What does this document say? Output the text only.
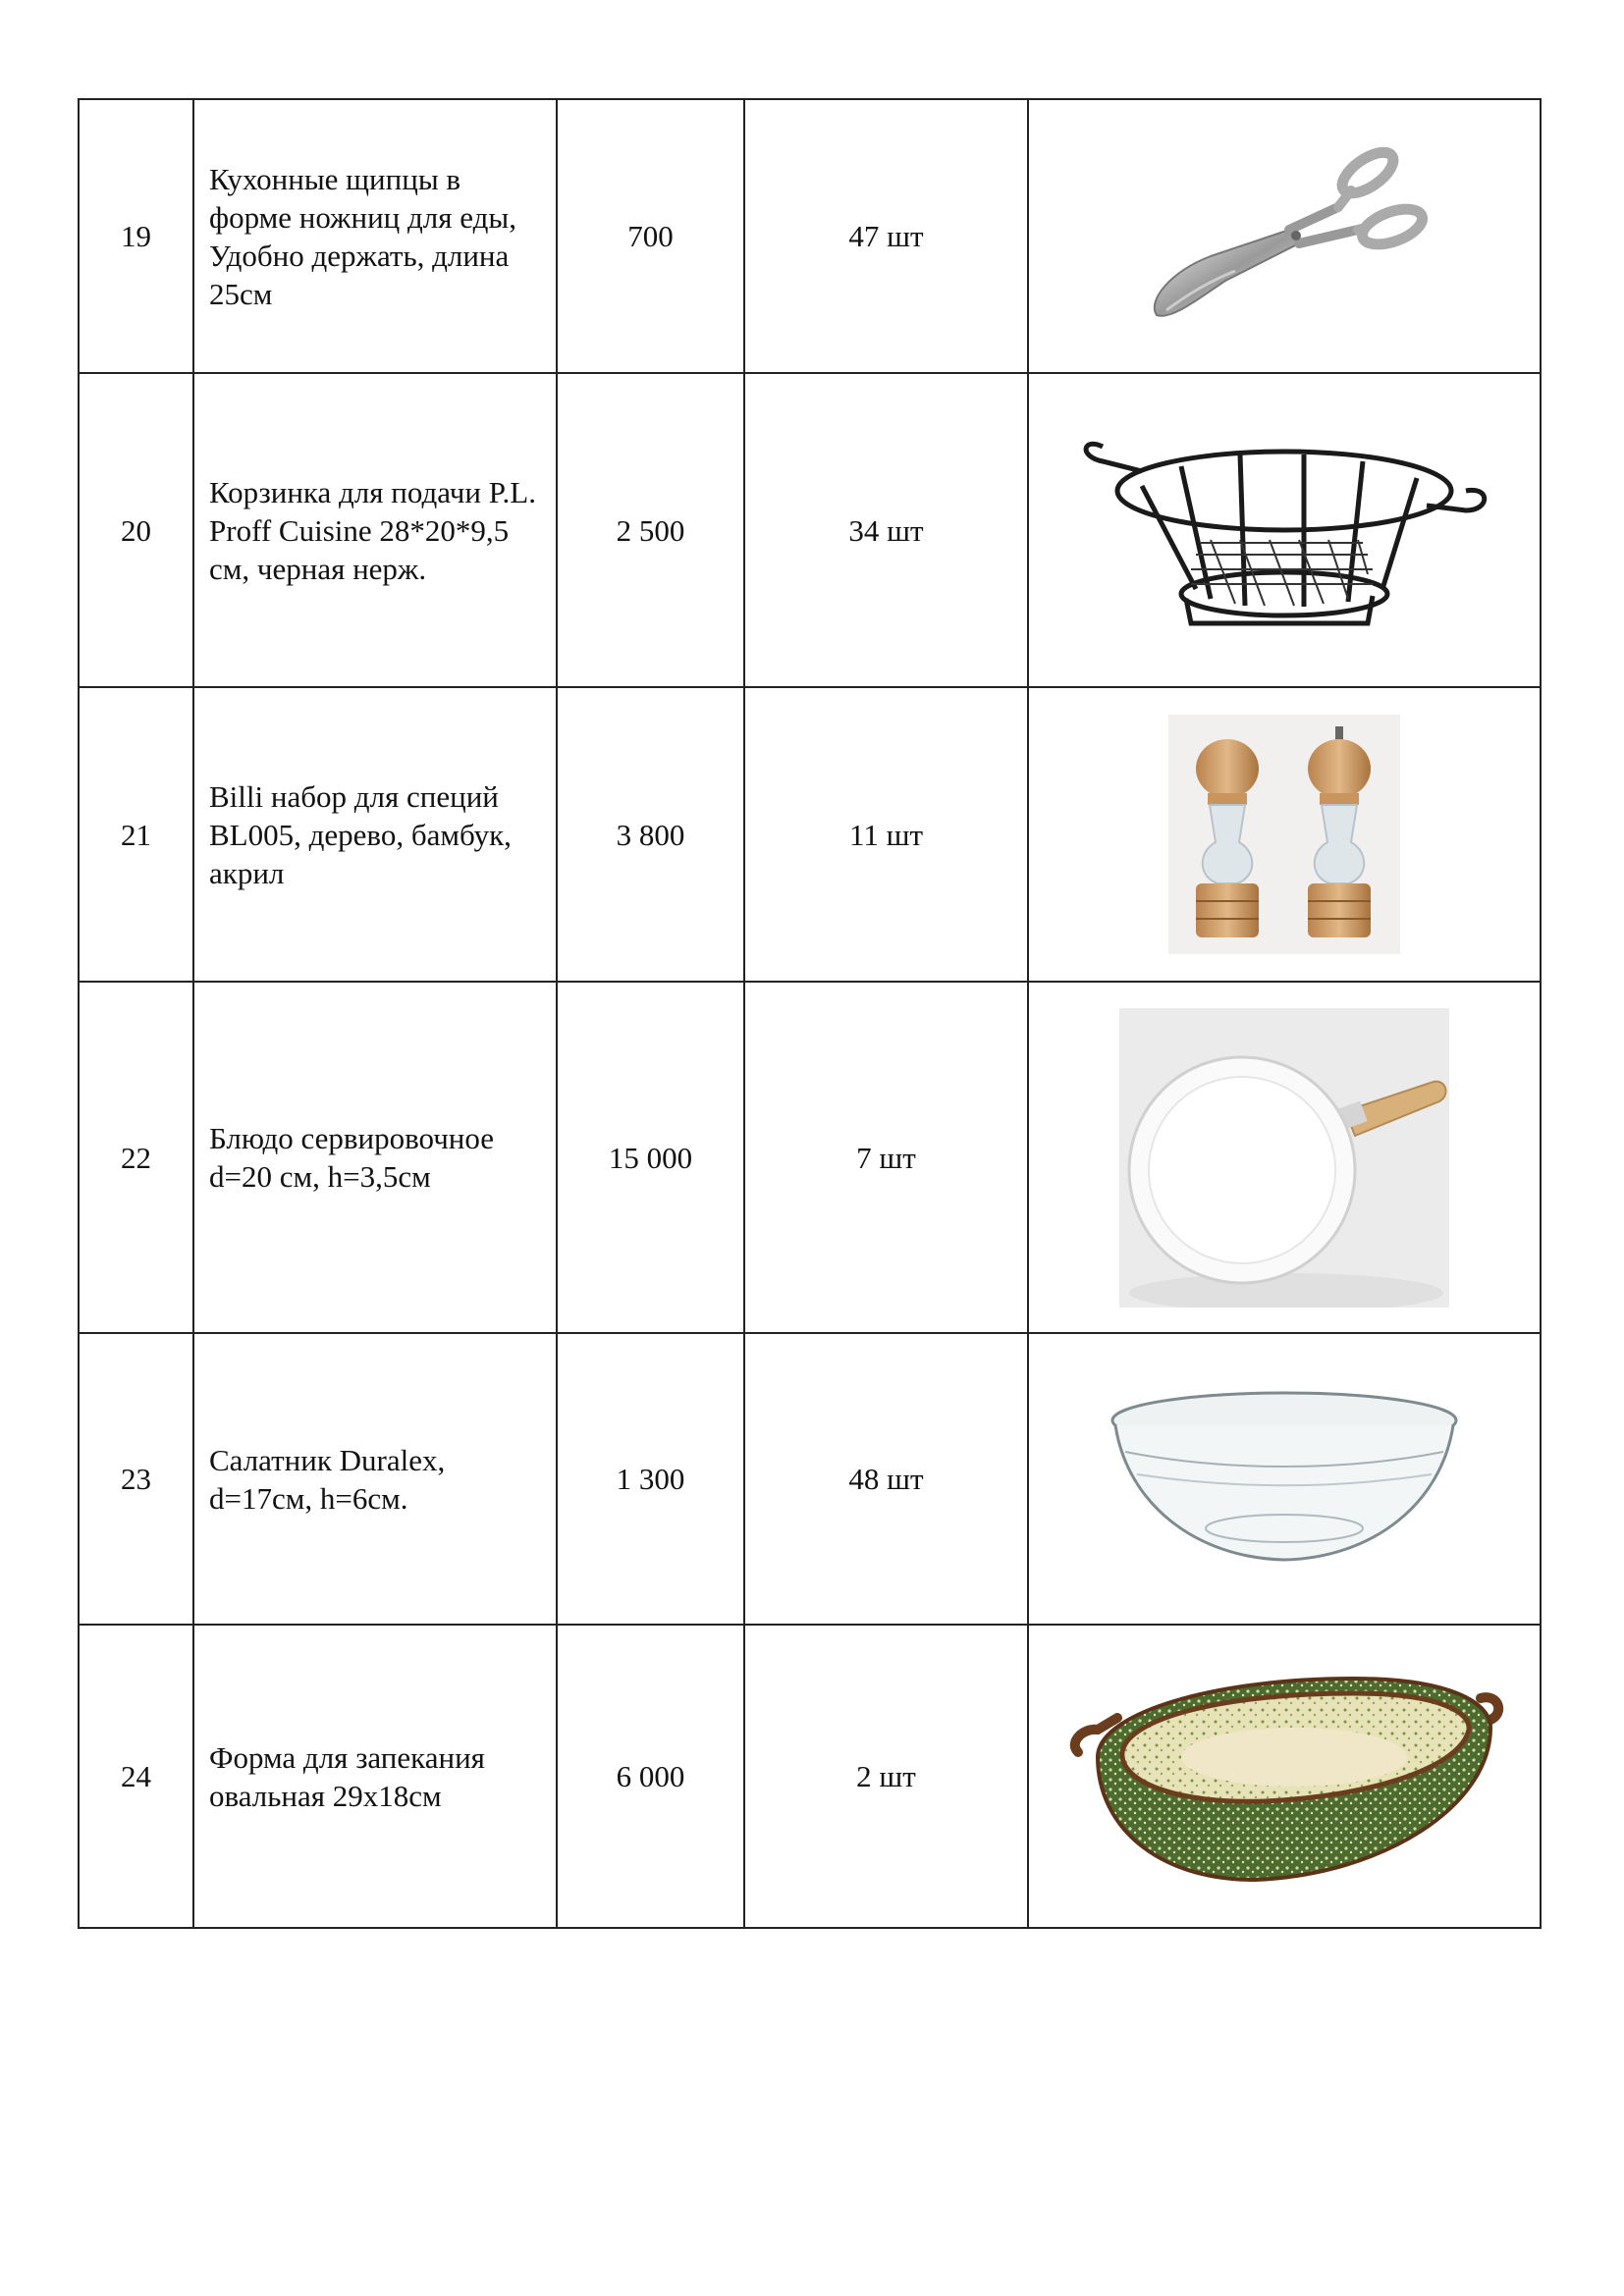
19	Кухонные щипцы в форме ножниц для еды, Удобно держать, длина 25см	700	47 шт	

20	Корзинка для подачи P.L. Proff Cuisine 28*20*9,5 см, черная нерж.	2 500	34 шт	

21	Billi набор для специй BL005, дерево, бамбук, акрил	3 800	11 шт	

22	Блюдо сервировочное d=20 см, h=3,5см	15 000	7 шт	

23	Салатник Duralex, d=17см, h=6см.	1 300	48 шт	

24	Форма для запекания овальная 29x18см	6 000	2 шт	
